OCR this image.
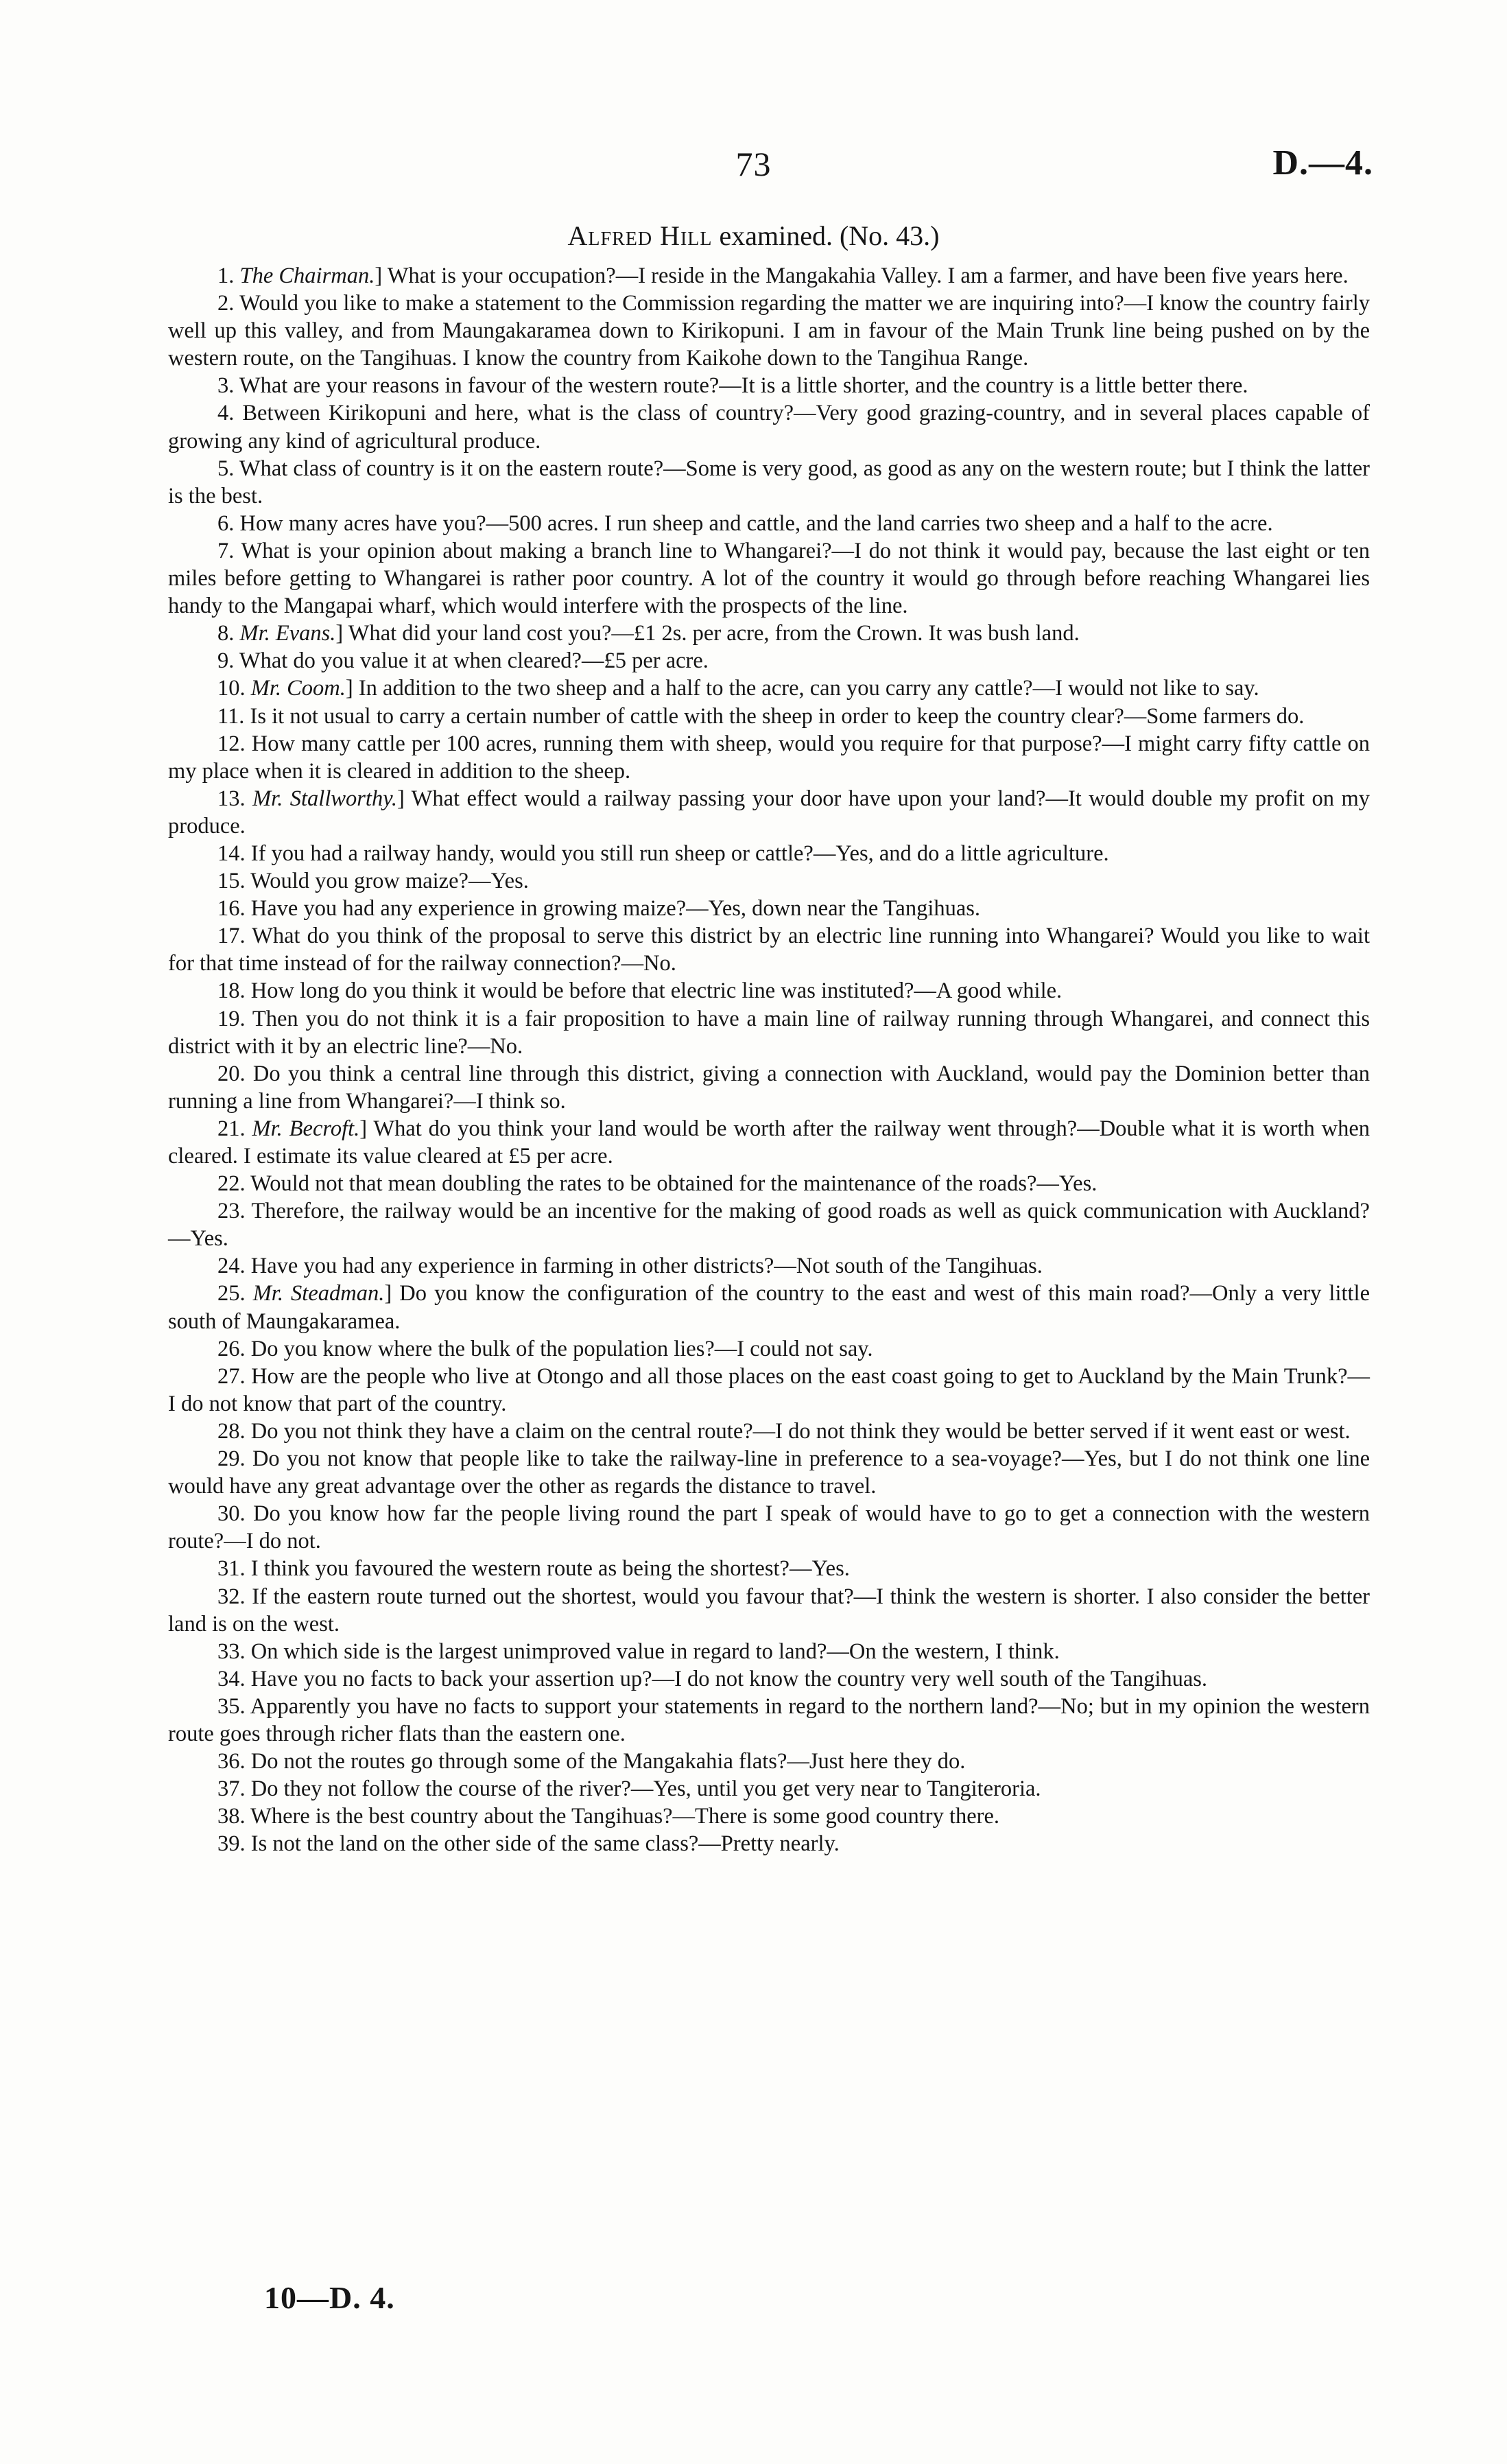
73	D.—4.
Alfred Hill examined. (No. 43.)

1. The Chairman.] What is your occupation?—I reside in the Mangakahia Valley. I am a farmer, and have been five years here.

2. Would you like to make a statement to the Commission regarding the matter we are inquiring into?—I know the country fairly well up this valley, and from Maungakaramea down to Kirikopuni. I am in favour of the Main Trunk line being pushed on by the western route, on the Tangihuas. I know the country from Kaikohe down to the Tangihua Range.

3. What are your reasons in favour of the western route?—It is a little shorter, and the country is a little better there.

4. Between Kirikopuni and here, what is the class of country?—Very good grazing-country, and in several places capable of growing any kind of agricultural produce.

5. What class of country is it on the eastern route?—Some is very good, as good as any on the western route; but I think the latter is the best.

6. How many acres have you?—500 acres. I run sheep and cattle, and the land carries two sheep and a half to the acre.

7. What is your opinion about making a branch line to Whangarei?—I do not think it would pay, because the last eight or ten miles before getting to Whangarei is rather poor country. A lot of the country it would go through before reaching Whangarei lies handy to the Mangapai wharf, which would interfere with the prospects of the line.

8. Mr. Evans.] What did your land cost you?—£1 2s. per acre, from the Crown. It was bush land.

9. What do you value it at when cleared?—£5 per acre.

10. Mr. Coom.] In addition to the two sheep and a half to the acre, can you carry any cattle?—I would not like to say.

11. Is it not usual to carry a certain number of cattle with the sheep in order to keep the country clear?—Some farmers do.

12. How many cattle per 100 acres, running them with sheep, would you require for that purpose?—I might carry fifty cattle on my place when it is cleared in addition to the sheep.

13. Mr. Stallworthy.] What effect would a railway passing your door have upon your land?—It would double my profit on my produce.

14. If you had a railway handy, would you still run sheep or cattle?—Yes, and do a little agriculture.

15. Would you grow maize?—Yes.

16. Have you had any experience in growing maize?—Yes, down near the Tangihuas.

17. What do you think of the proposal to serve this district by an electric line running into Whangarei? Would you like to wait for that time instead of for the railway connection?—No.

18. How long do you think it would be before that electric line was instituted?—A good while.

19. Then you do not think it is a fair proposition to have a main line of railway running through Whangarei, and connect this district with it by an electric line?—No.

20. Do you think a central line through this district, giving a connection with Auckland, would pay the Dominion better than running a line from Whangarei?—I think so.

21. Mr. Becroft.] What do you think your land would be worth after the railway went through?—Double what it is worth when cleared. I estimate its value cleared at £5 per acre.

22. Would not that mean doubling the rates to be obtained for the maintenance of the roads?—Yes.

23. Therefore, the railway would be an incentive for the making of good roads as well as quick communication with Auckland?—Yes.

24. Have you had any experience in farming in other districts?—Not south of the Tangihuas.

25. Mr. Steadman.] Do you know the configuration of the country to the east and west of this main road?—Only a very little south of Maungakaramea.

26. Do you know where the bulk of the population lies?—I could not say.

27. How are the people who live at Otongo and all those places on the east coast going to get to Auckland by the Main Trunk?—I do not know that part of the country.

28. Do you not think they have a claim on the central route?—I do not think they would be better served if it went east or west.

29. Do you not know that people like to take the railway-line in preference to a sea-voyage?—Yes, but I do not think one line would have any great advantage over the other as regards the distance to travel.

30. Do you know how far the people living round the part I speak of would have to go to get a connection with the western route?—I do not.

31. I think you favoured the western route as being the shortest?—Yes.

32. If the eastern route turned out the shortest, would you favour that?—I think the western is shorter. I also consider the better land is on the west.

33. On which side is the largest unimproved value in regard to land?—On the western, I think.

34. Have you no facts to back your assertion up?—I do not know the country very well south of the Tangihuas.

35. Apparently you have no facts to support your statements in regard to the northern land?—No; but in my opinion the western route goes through richer flats than the eastern one.

36. Do not the routes go through some of the Mangakahia flats?—Just here they do.

37. Do they not follow the course of the river?—Yes, until you get very near to Tangiteroria.

38. Where is the best country about the Tangihuas?—There is some good country there.

39. Is not the land on the other side of the same class?—Pretty nearly.

10—D. 4.
